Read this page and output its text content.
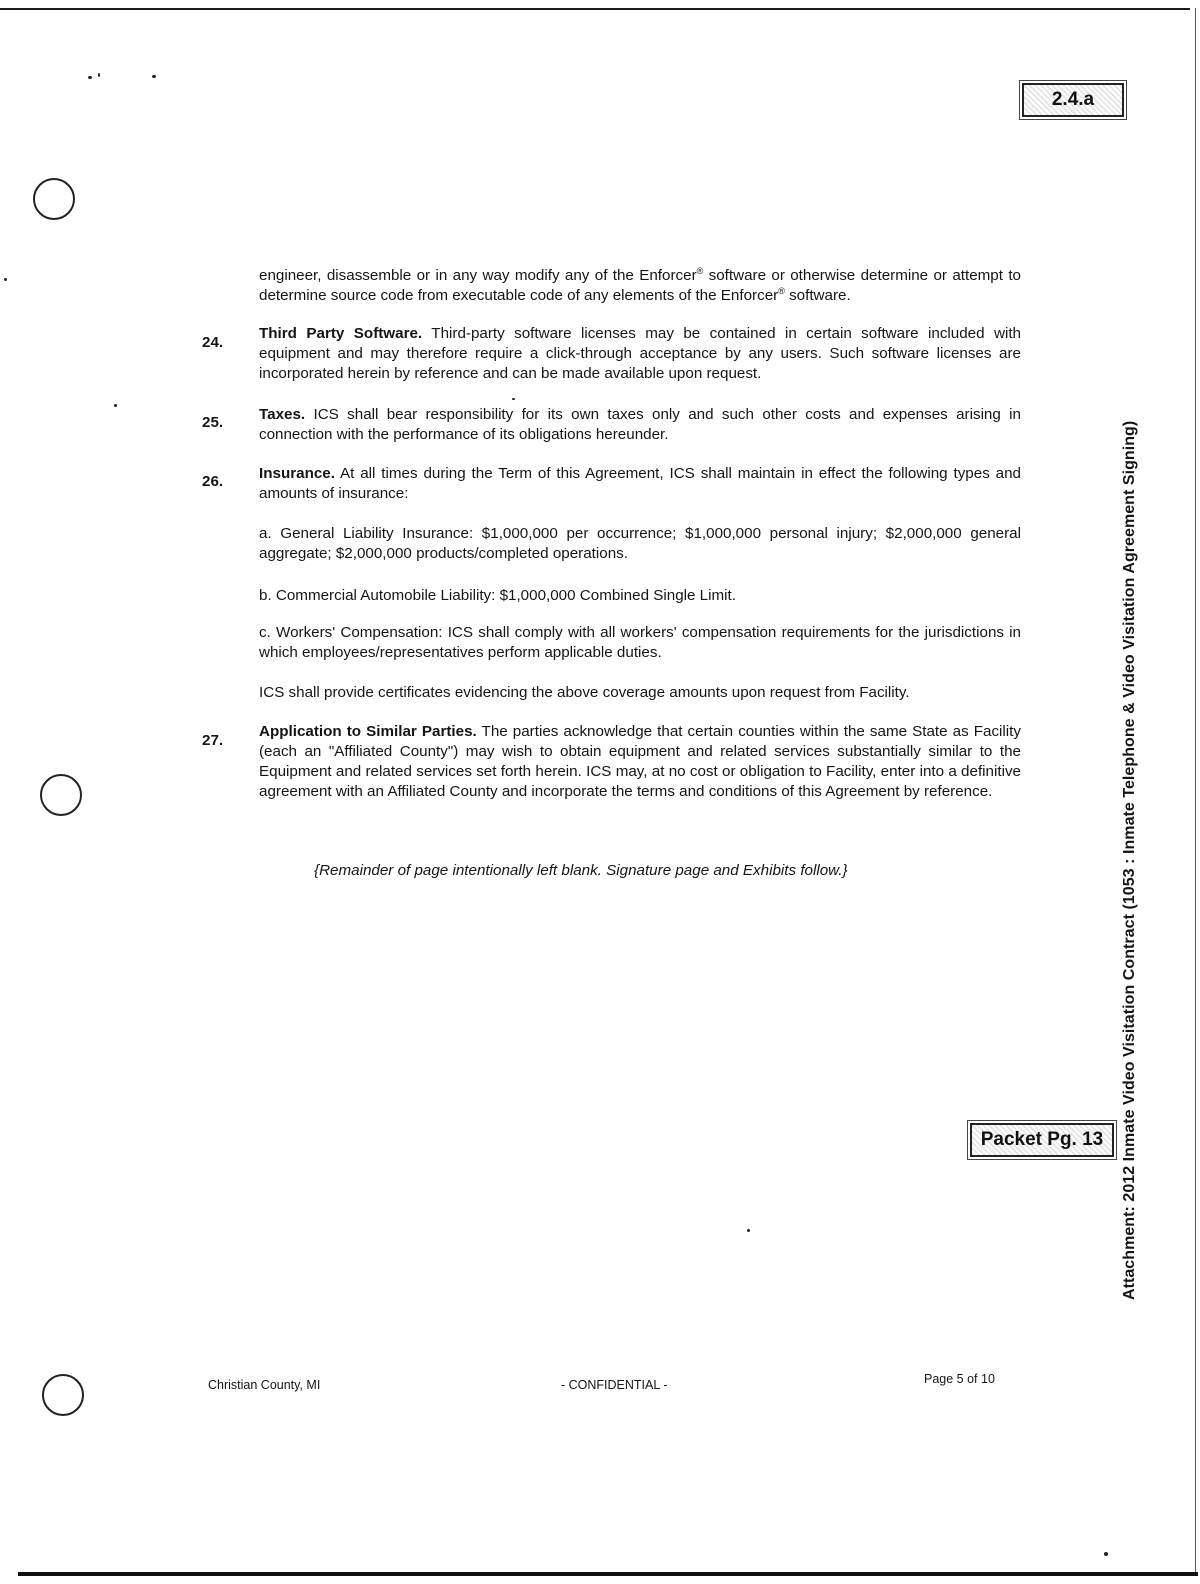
2.4.a
Packet Pg. 13	Attachment: 2012 Inmate Video Visitation Contract (1053 : Inmate Telephone & Video Visitation Agreement Signing)

engineer, disassemble or in any way modify any of the Enforcer® software or otherwise determine or attempt to determine source code from executable code of any elements of the Enforcer® software.

24.

Third Party Software. Third-party software licenses may be contained in certain software included with equipment and may therefore require a click-through acceptance by any users. Such software licenses are incorporated herein by reference and can be made available upon request.

25. Taxes. ICS shall bear responsibility for its own taxes only and such other costs and expenses arising in connection with the performance of its obligations hereunder.

26. Insurance. At all times during the Term of this Agreement, ICS shall maintain in effect the following types and amounts of insurance:

a. General Liability Insurance: $1,000,000 per occurrence; $1,000,000 personal injury; $2,000,000 general aggregate; $2,000,000 products/completed operations.

b. Commercial Automobile Liability: $1,000,000 Combined Single Limit.

c. Workers' Compensation: ICS shall comply with all workers' compensation requirements for the jurisdictions in which employees/representatives perform applicable duties.

ICS shall provide certificates evidencing the above coverage amounts upon request from Facility.

27.

Application to Similar Parties. The parties acknowledge that certain counties within the same State as Facility (each an "Affiliated County") may wish to obtain equipment and related services substantially similar to the Equipment and related services set forth herein. ICS may, at no cost or obligation to Facility, enter into a definitive agreement with an Affiliated County and incorporate the terms and conditions of this Agreement by reference.

{Remainder of page intentionally left blank. Signature page and Exhibits follow.}
Christian County, MI	- CONFIDENTIAL -	Page 5 of 10
